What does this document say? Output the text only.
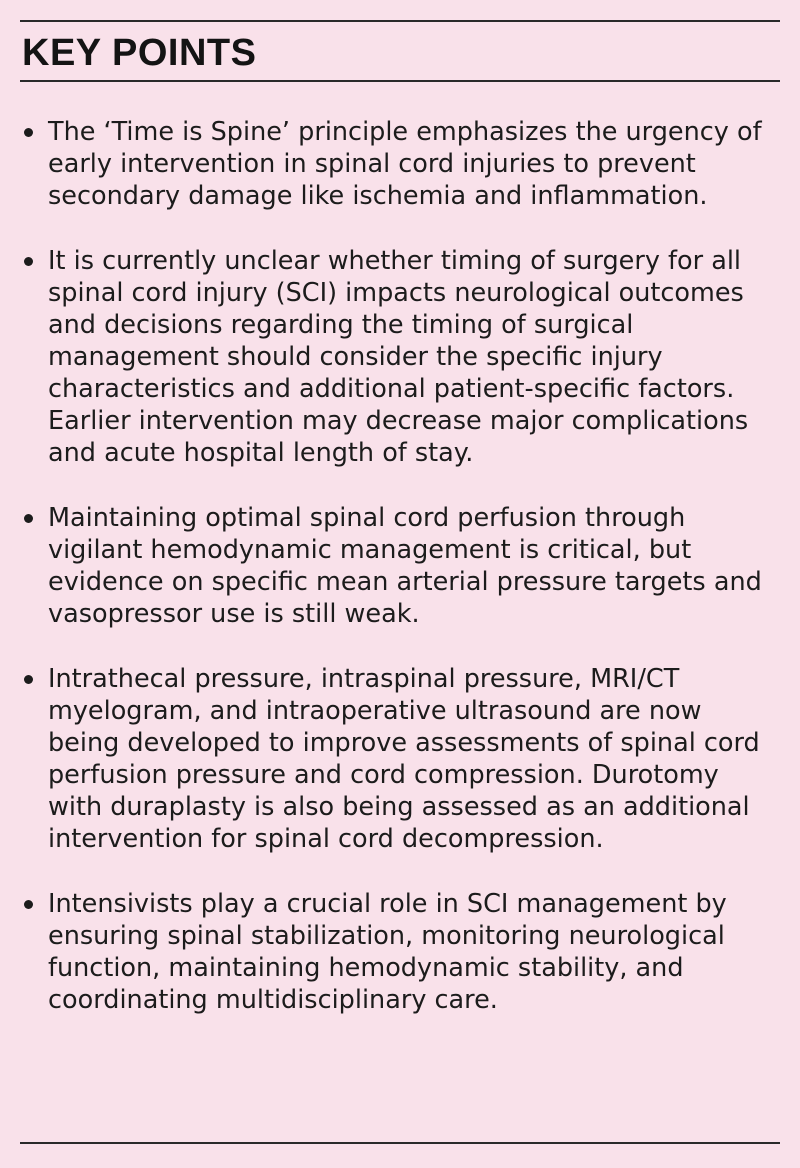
KEY POINTS
The ‘Time is Spine’ principle emphasizes the urgency of early intervention in spinal cord injuries to prevent secondary damage like ischemia and inflammation.
It is currently unclear whether timing of surgery for all spinal cord injury (SCI) impacts neurological outcomes and decisions regarding the timing of surgical management should consider the specific injury characteristics and additional patient-specific factors. Earlier intervention may decrease major complications and acute hospital length of stay.
Maintaining optimal spinal cord perfusion through vigilant hemodynamic management is critical, but evidence on specific mean arterial pressure targets and vasopressor use is still weak.
Intrathecal pressure, intraspinal pressure, MRI/CT myelogram, and intraoperative ultrasound are now being developed to improve assessments of spinal cord perfusion pressure and cord compression. Durotomy with duraplasty is also being assessed as an additional intervention for spinal cord decompression.
Intensivists play a crucial role in SCI management by ensuring spinal stabilization, monitoring neurological function, maintaining hemodynamic stability, and coordinating multidisciplinary care.
